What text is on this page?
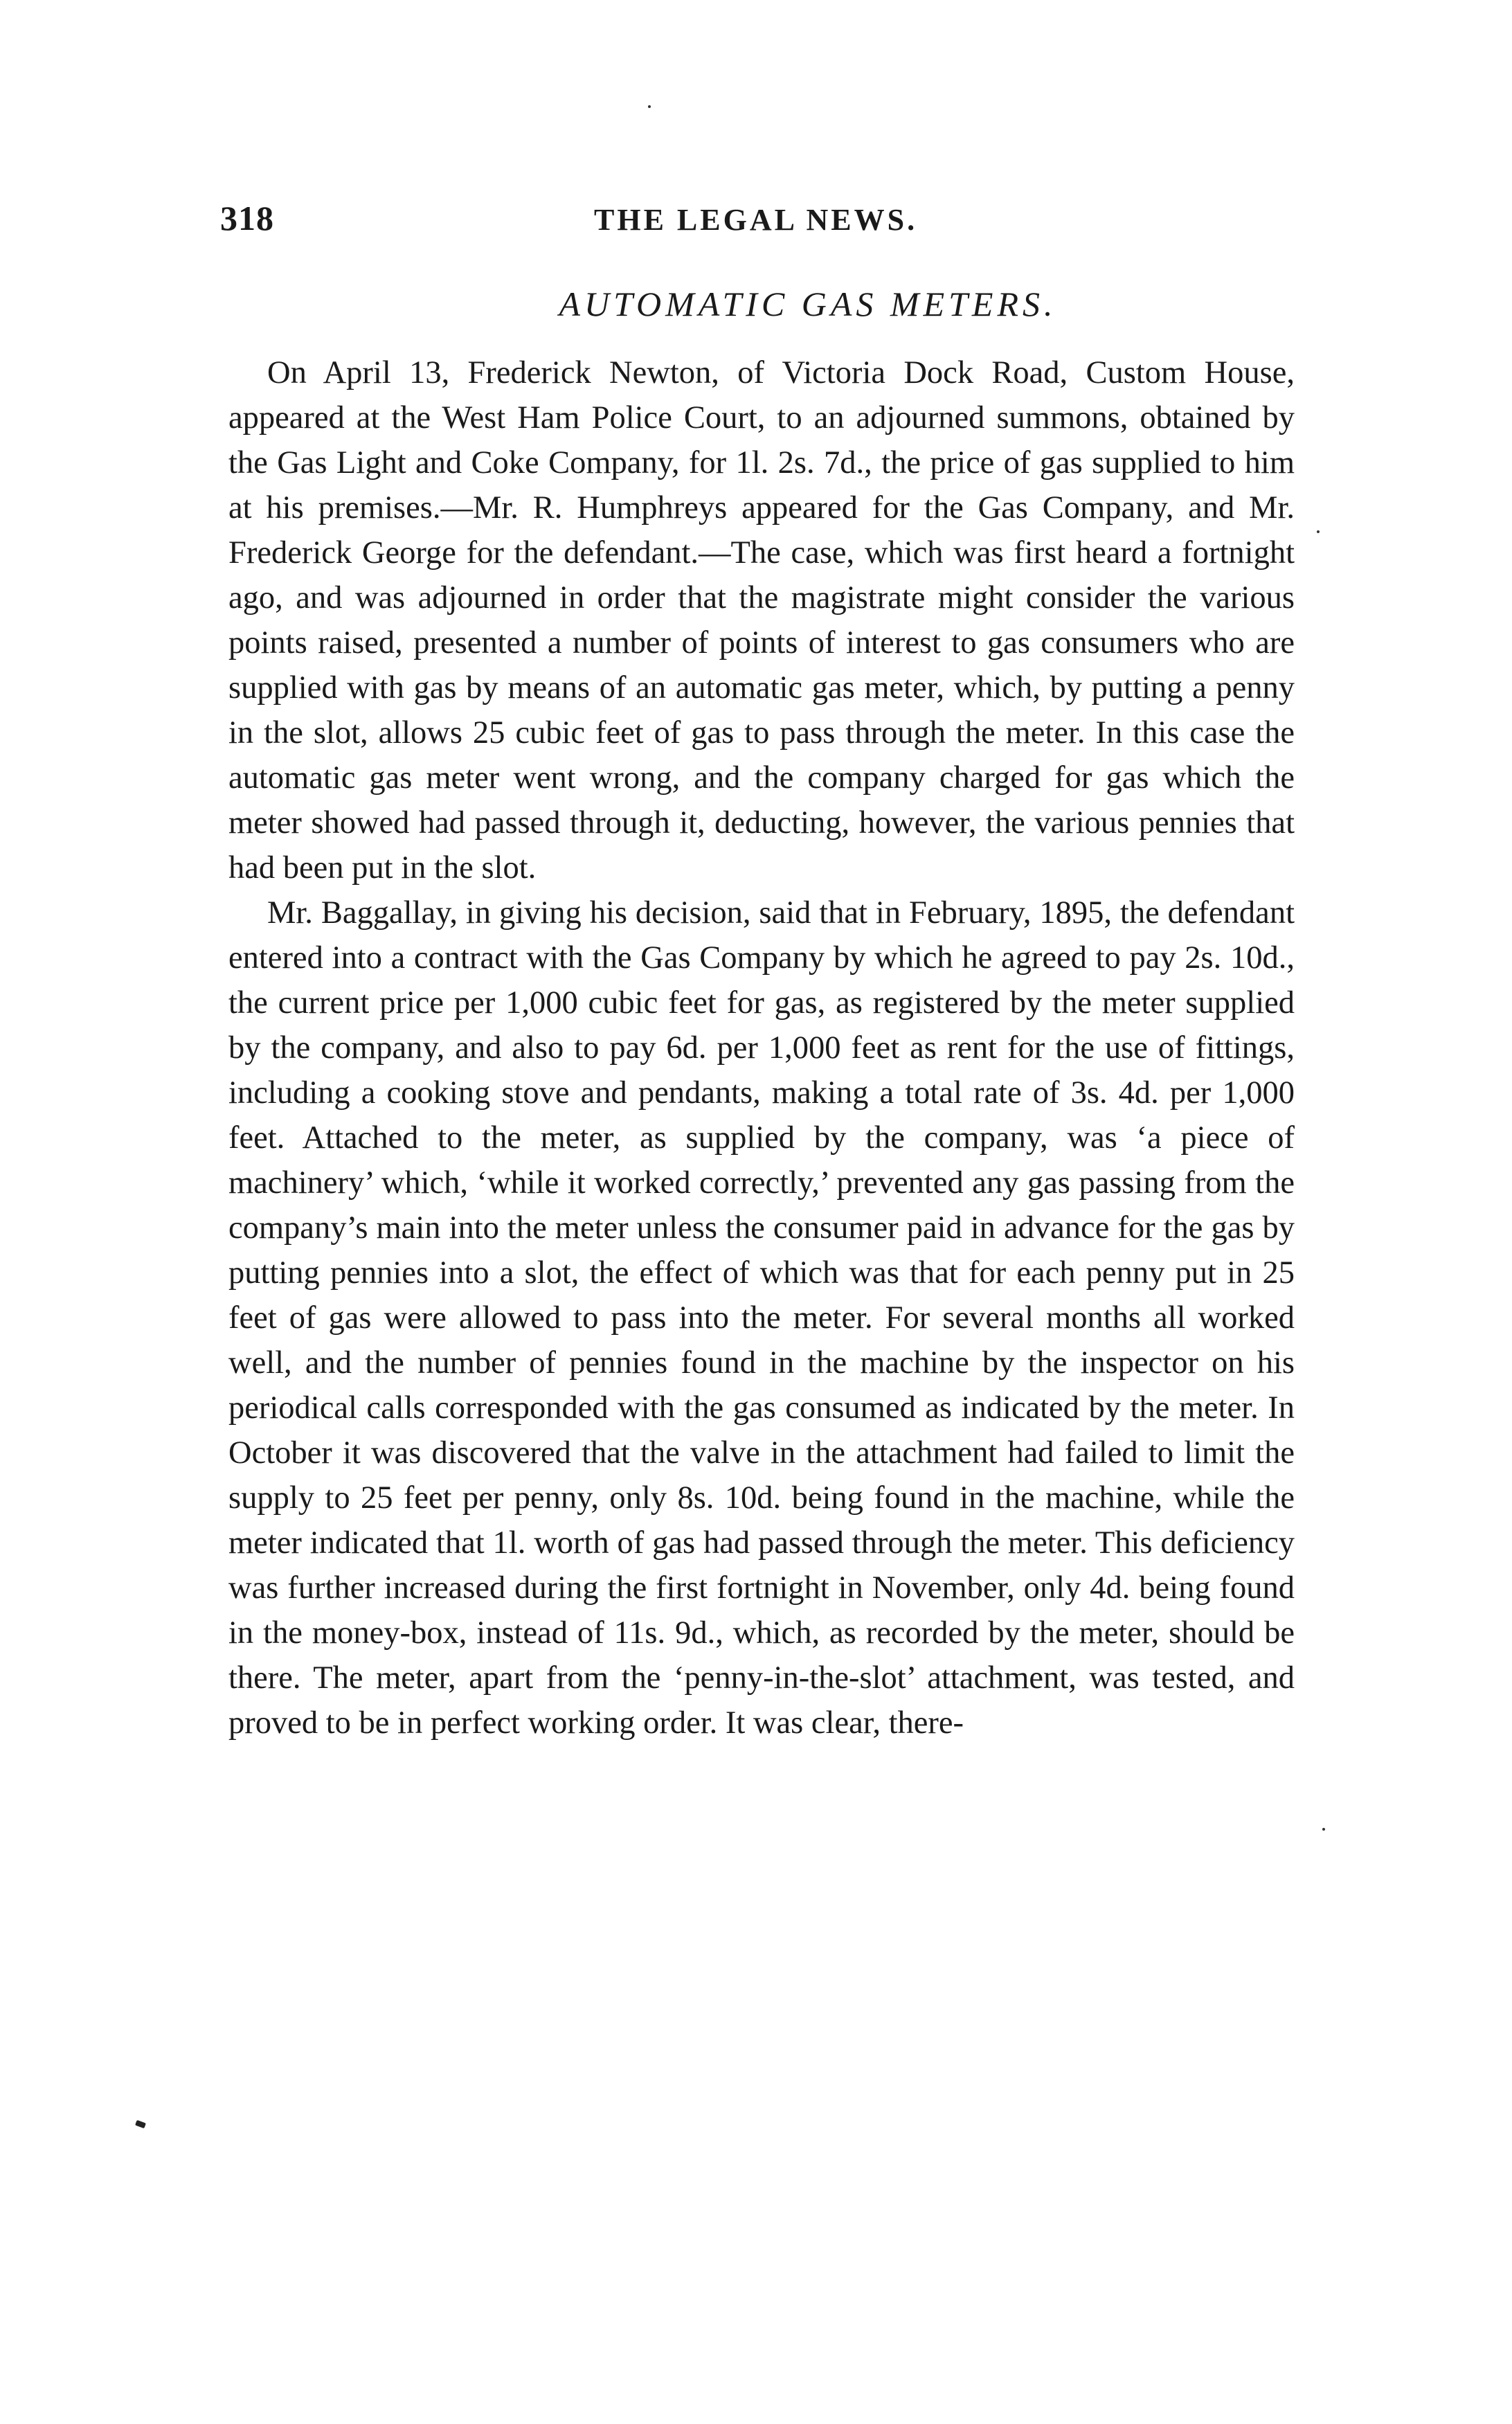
318	THE LEGAL NEWS.
AUTOMATIC GAS METERS.

On April 13, Frederick Newton, of Victoria Dock Road, Custom House, appeared at the West Ham Police Court, to an adjourned summons, obtained by the Gas Light and Coke Company, for 1l. 2s. 7d., the price of gas supplied to him at his premises.—Mr. R. Humphreys appeared for the Gas Company, and Mr. Frederick George for the defendant.—The case, which was first heard a fortnight ago, and was adjourned in order that the magistrate might consider the various points raised, presented a number of points of interest to gas consumers who are supplied with gas by means of an automatic gas meter, which, by putting a penny in the slot, allows 25 cubic feet of gas to pass through the meter. In this case the automatic gas meter went wrong, and the company charged for gas which the meter showed had passed through it, deducting, however, the various pennies that had been put in the slot.

Mr. Baggallay, in giving his decision, said that in February, 1895, the defendant entered into a contract with the Gas Company by which he agreed to pay 2s. 10d., the current price per 1,000 cubic feet for gas, as registered by the meter supplied by the company, and also to pay 6d. per 1,000 feet as rent for the use of fittings, including a cooking stove and pendants, making a total rate of 3s. 4d. per 1,000 feet. Attached to the meter, as supplied by the company, was ‘a piece of machinery’ which, ‘while it worked correctly,’ prevented any gas passing from the company’s main into the meter unless the consumer paid in advance for the gas by putting pennies into a slot, the effect of which was that for each penny put in 25 feet of gas were allowed to pass into the meter. For several months all worked well, and the number of pennies found in the machine by the inspector on his periodical calls corresponded with the gas consumed as indicated by the meter. In October it was discovered that the valve in the attachment had failed to limit the supply to 25 feet per penny, only 8s. 10d. being found in the machine, while the meter indicated that 1l. worth of gas had passed through the meter. This deficiency was further increased during the first fortnight in November, only 4d. being found in the money-box, instead of 11s. 9d., which, as recorded by the meter, should be there. The meter, apart from the ‘penny-in-the-slot’ attachment, was tested, and proved to be in perfect working order. It was clear, there-
